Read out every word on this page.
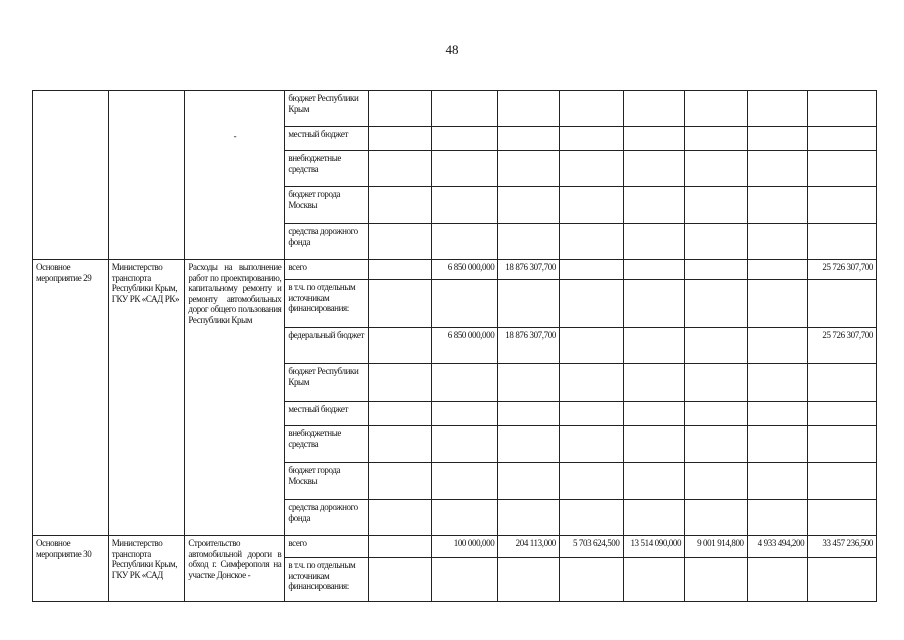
48

		-	бюджет Республики Крым								
			местный бюджет								
			внебюджетные средства								
			бюджет города Москвы								
			средства дорожного фонда								
Основное мероприятие 29	Министерство транспорта Республики Крым, ГКУ РК «САД РК»	Расходы на выполнение работ по проектированию, капитальному ремонту и ремонту автомобильных дорог общего пользования Республики Крым	всего		6 850 000,000	18 876 307,700					25 726 307,700
			в т.ч. по отдельным источникам финансирования:								
			федеральный бюджет		6 850 000,000	18 876 307,700					25 726 307,700
			бюджет Республики Крым								
			местный бюджет								
			внебюджетные средства								
			бюджет города Москвы								
			средства дорожного фонда								
Основное мероприятие 30	Министерство транспорта Республики Крым, ГКУ РК «САД	Строительство автомобильной дороги в обход г. Симферополя на участке Донское -	всего		100 000,000	204 113,000	5 703 624,500	13 514 090,000	9 001 914,800	4 933 494,200	33 457 236,500
			в т.ч. по отдельным источникам финансирования:								
